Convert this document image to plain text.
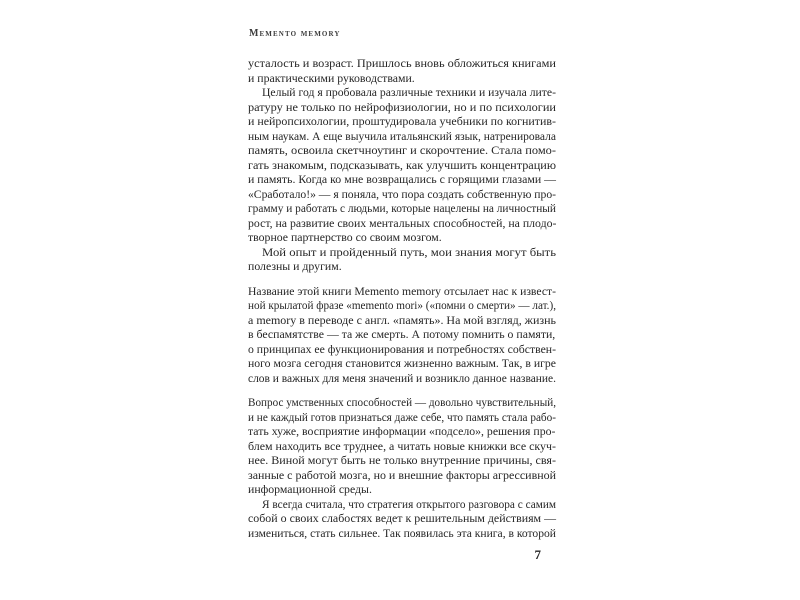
Memento memory
усталость и возраст. Пришлось вновь обложиться книгами
и практическими руководствами.
Целый год я пробовала различные техники и изучала лите-
ратуру не только по нейрофизиологии, но и по психологии
и нейропсихологии, проштудировала учебники по когнитив-
ным наукам. А еще выучила итальянский язык, натренировала
память, освоила скетчноутинг и скорочтение. Стала помо-
гать знакомым, подсказывать, как улучшить концентрацию
и память. Когда ко мне возвращались с горящими глазами —
«Сработало!» — я поняла, что пора создать собственную про-
грамму и работать с людьми, которые нацелены на личностный
рост, на развитие своих ментальных способностей, на плодо-
творное партнерство со своим мозгом.
Мой опыт и пройденный путь, мои знания могут быть
полезны и другим.
Название этой книги Memento memory отсылает нас к извест-
ной крылатой фразе «memento mori» («помни о смерти» — лат.),
а memory в переводе с англ. «память». На мой взгляд, жизнь
в беспамятстве — та же смерть. А потому помнить о памяти,
о принципах ее функционирования и потребностях собствен-
ного мозга сегодня становится жизненно важным. Так, в игре
слов и важных для меня значений и возникло данное название.
Вопрос умственных способностей — довольно чувствительный,
и не каждый готов признаться даже себе, что память стала рабо-
тать хуже, восприятие информации «подсело», решения про-
блем находить все труднее, а читать новые книжки все скуч-
нее. Виной могут быть не только внутренние причины, свя-
занные с работой мозга, но и внешние факторы агрессивной
информационной среды.
Я всегда считала, что стратегия открытого разговора с самим
собой о своих слабостях ведет к решительным действиям —
измениться, стать сильнее. Так появилась эта книга, в которой
7
